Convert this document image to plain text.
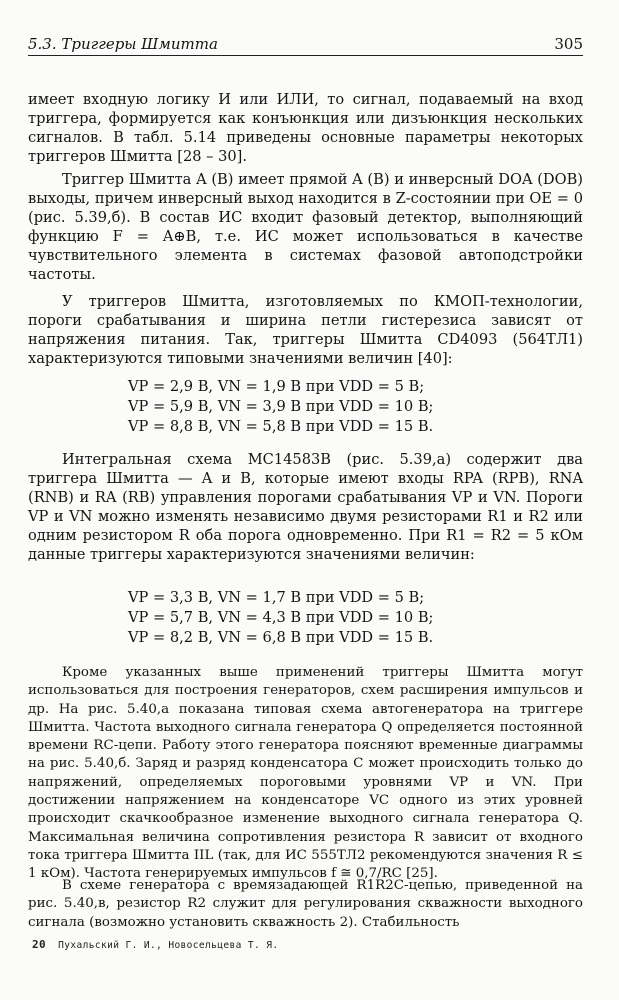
5.3. Триггеры Шмитта	305

имеет входную логику И или ИЛИ, то сигнал, подаваемый на вход триггера, формируется как конъюнкция или дизъюнкция нескольких сигналов. В табл. 5.14 приведены основные параметры некоторых триггеров Шмитта [28 – 30].

Триггер Шмитта A (B) имеет прямой A (B) и инверсный DOA (DOB) выходы, причем инверсный выход находится в Z-состоянии при OE = 0 (рис. 5.39,б). В состав ИС входит фазовый детектор, выполняющий функцию F = A⊕B, т.е. ИС может использоваться в качестве чувствительного элемента в системах фазовой автоподстройки частоты.

У триггеров Шмитта, изготовляемых по КМОП-технологии, пороги срабатывания и ширина петли гистерезиса зависят от напряжения питания. Так, триггеры Шмитта CD4093 (564ТЛ1) характеризуются типовыми значениями величин [40]:

VP = 2,9 В, VN = 1,9 В при VDD = 5 В;
VP = 5,9 В, VN = 3,9 В при VDD = 10 В;
VP = 8,8 В, VN = 5,8 В при VDD = 15 В.

Интегральная схема MC14583B (рис. 5.39,а) содержит два триггера Шмитта — A и B, которые имеют входы RPA (RPB), RNA (RNB) и RA (RB) управления порогами срабатывания VP и VN. Пороги VP и VN можно изменять независимо двумя резисторами R1 и R2 или одним резистором R оба порога одновременно. При R1 = R2 = 5 кОм данные триггеры характеризуются значениями величин:

VP = 3,3 В, VN = 1,7 В при VDD = 5 В;
VP = 5,7 В, VN = 4,3 В при VDD = 10 В;
VP = 8,2 В, VN = 6,8 В при VDD = 15 В.

Кроме указанных выше применений триггеры Шмитта могут использоваться для построения генераторов, схем расширения импульсов и др. На рис. 5.40,а показана типовая схема автогенератора на триггере Шмитта. Частота выходного сигнала генератора Q определяется постоянной времени RC-цепи. Работу этого генератора поясняют временные диаграммы на рис. 5.40,б. Заряд и разряд конденсатора C может происходить только до напряжений, определяемых пороговыми уровнями VP и VN. При достижении напряжением на конденсаторе VC одного из этих уровней происходит скачкообразное изменение выходного сигнала генератора Q. Максимальная величина сопротивления резистора R зависит от входного тока триггера Шмитта IIL (так, для ИС 555ТЛ2 рекомендуются значения R ≤ 1 кОм). Частота генерируемых импульсов f ≅ 0,7/RC [25].

В схеме генератора с времязадающей R1R2C-цепью, приведенной на рис. 5.40,в, резистор R2 служит для регулирования скважности выходного сигнала (возможно установить скважность 2). Стабильность

20 Пухальский Г. И., Новосельцева Т. Я.
